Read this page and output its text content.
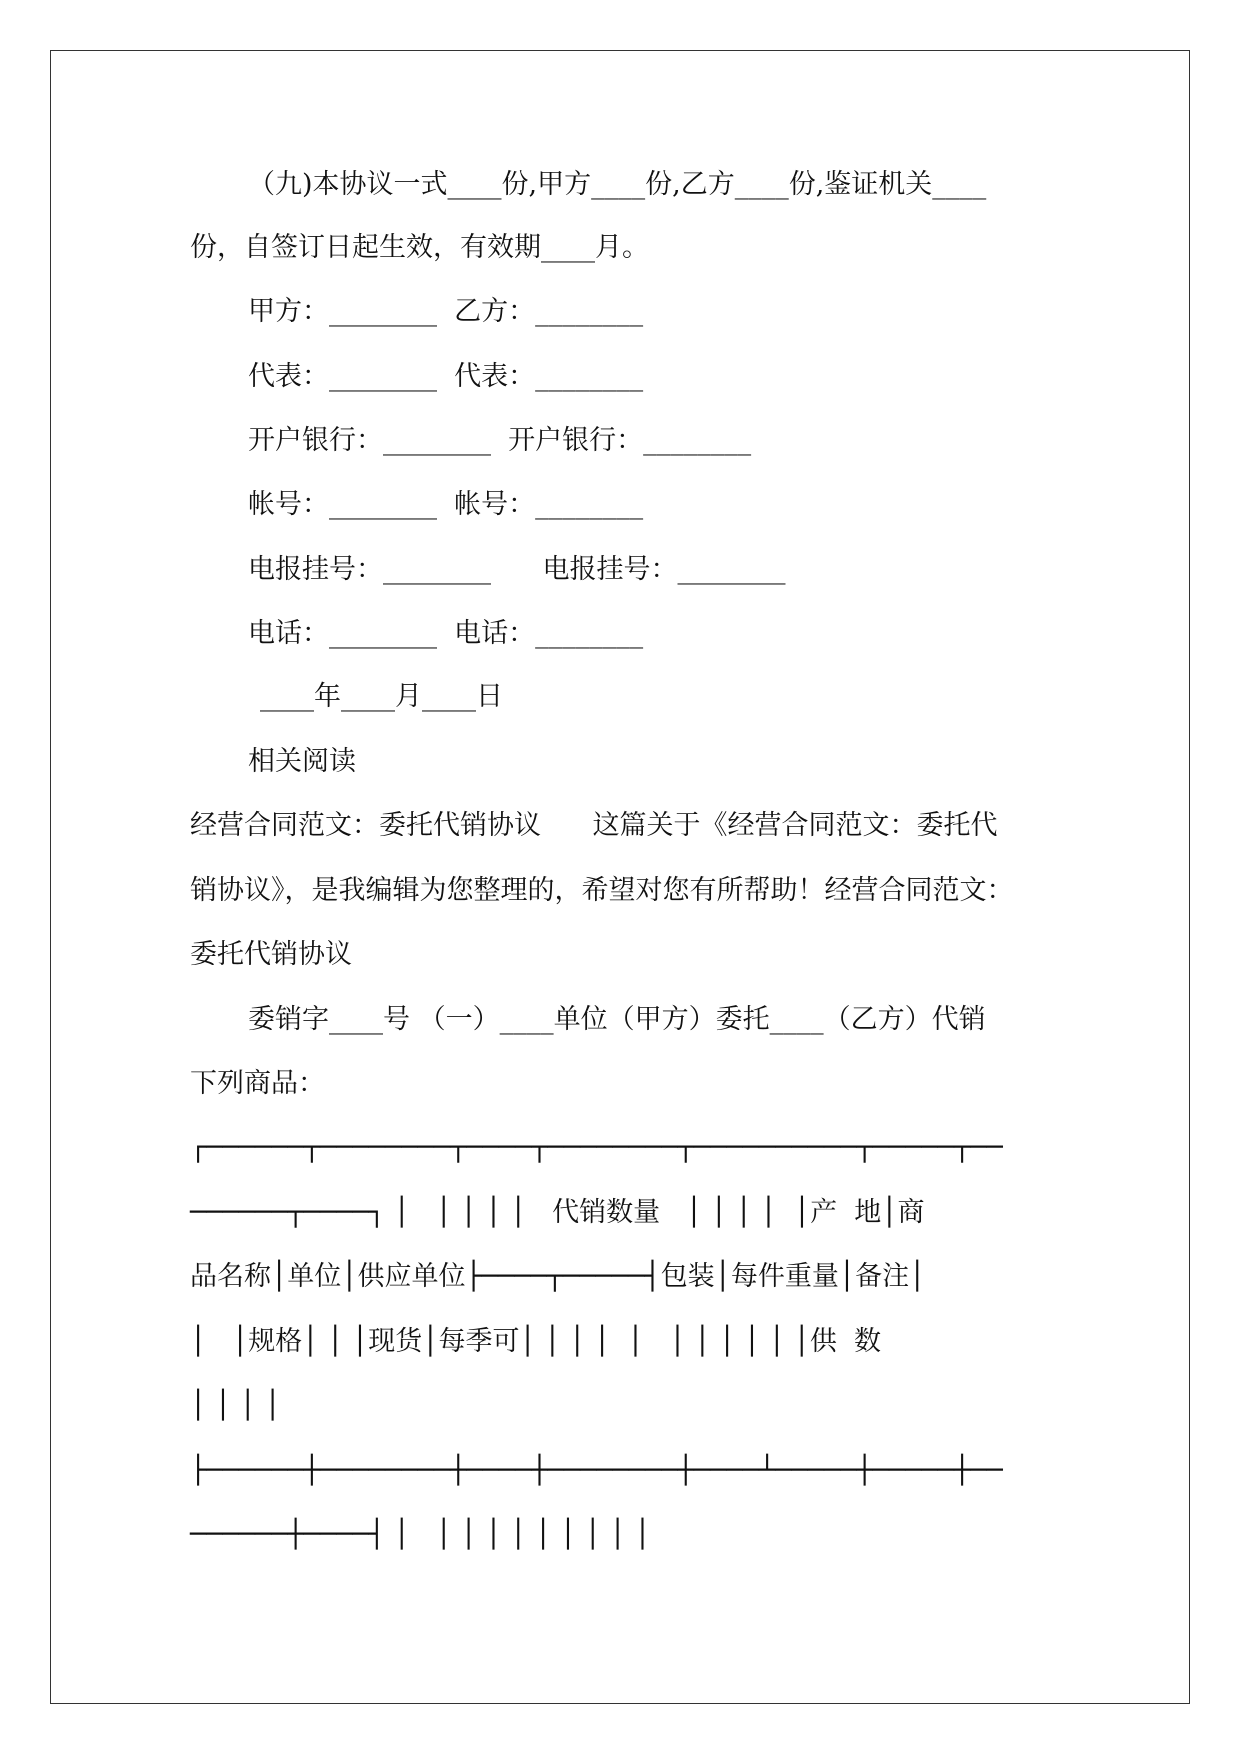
（九)本协议一式____份,甲方____份,乙方____份,鉴证机关____
份，自签订日起生效，有效期____月。
甲方：________  乙方：________
代表：________  代表：________
开户银行：________  开户银行：________
帐号：________  帐号：________
电报挂号：________      电报挂号：________
电话：________  电话：________
____年____月____日
相关阅读
经营合同范文：委托代销协议      这篇关于《经营合同范文：委托代
销协议》，是我编辑为您整理的，希望对您有所帮助！经营合同范文：
委托代销协议
委销字____号 （一）____单位（甲方）委托____（乙方）代销
下列商品：
┌──────┬────────┬────┬────────┬──────────┬─────┬──
──────┬────┐ │   │ │ │ │   代销数量   │ │ │ │  │产  地│商
品名称│单位│供应单位├────┬─────┤包装│每件重量│备注│
│   │规格│ │ │现货│每季可│ │ │ │  │   │ │ │ │ │ │供  数
│ │ │ │
├──────┼────────┼────┼────────┼────┴─────┼─────┼──
──────┼────┤ │   │ │ │ │ │ │ │ │ │
